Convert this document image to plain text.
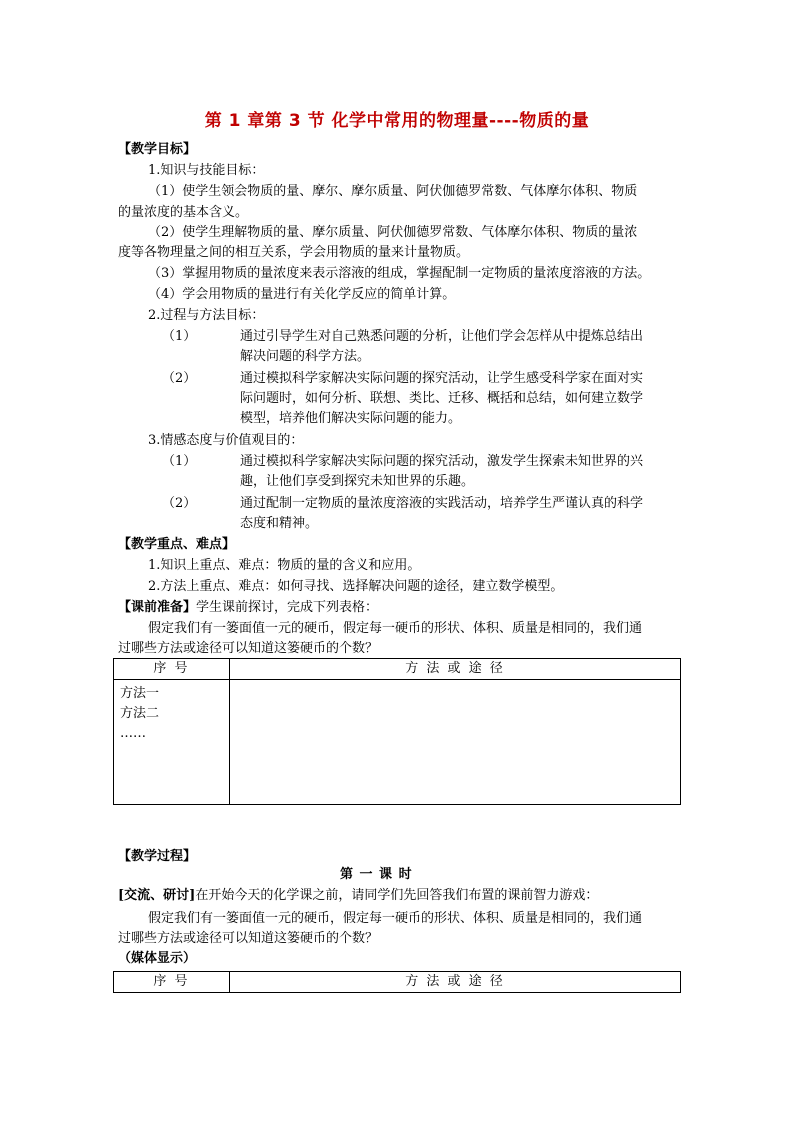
第 1 章第 3 节 化学中常用的物理量----物质的量
【教学目标】
1.知识与技能目标：
（1）使学生领会物质的量、摩尔、摩尔质量、阿伏伽德罗常数、气体摩尔体积、物质
的量浓度的基本含义。
（2）使学生理解物质的量、摩尔质量、阿伏伽德罗常数、气体摩尔体积、物质的量浓
度等各物理量之间的相互关系，学会用物质的量来计量物质。
（3）掌握用物质的量浓度来表示溶液的组成，掌握配制一定物质的量浓度溶液的方法。
（4）学会用物质的量进行有关化学反应的简单计算。
2.过程与方法目标：
（1）	通过引导学生对自己熟悉问题的分析，让他们学会怎样从中提炼总结出
解决问题的科学方法。
（2）	通过模拟科学家解决实际问题的探究活动，让学生感受科学家在面对实
际问题时，如何分析、联想、类比、迁移、概括和总结，如何建立数学
模型，培养他们解决实际问题的能力。
3.情感态度与价值观目的：
（1）	通过模拟科学家解决实际问题的探究活动，激发学生探索未知世界的兴
趣，让他们享受到探究未知世界的乐趣。
（2）	通过配制一定物质的量浓度溶液的实践活动，培养学生严谨认真的科学
态度和精神。
【教学重点、难点】
1.知识上重点、难点：物质的量的含义和应用。
2.方法上重点、难点：如何寻找、选择解决问题的途径，建立数学模型。
【课前准备】学生课前探讨，完成下列表格：
假定我们有一篓面值一元的硬币，假定每一硬币的形状、体积、质量是相同的，我们通
过哪些方法或途径可以知道这篓硬币的个数？
序 号	方 法 或 途 径

方法一
方法二
……	

【教学过程】
第 一 课 时
[交流、研讨]在开始今天的化学课之前，请同学们先回答我们布置的课前智力游戏：
假定我们有一篓面值一元的硬币，假定每一硬币的形状、体积、质量是相同的，我们通
过哪些方法或途径可以知道这篓硬币的个数？
（媒体显示）
序 号	方 法 或 途 径
